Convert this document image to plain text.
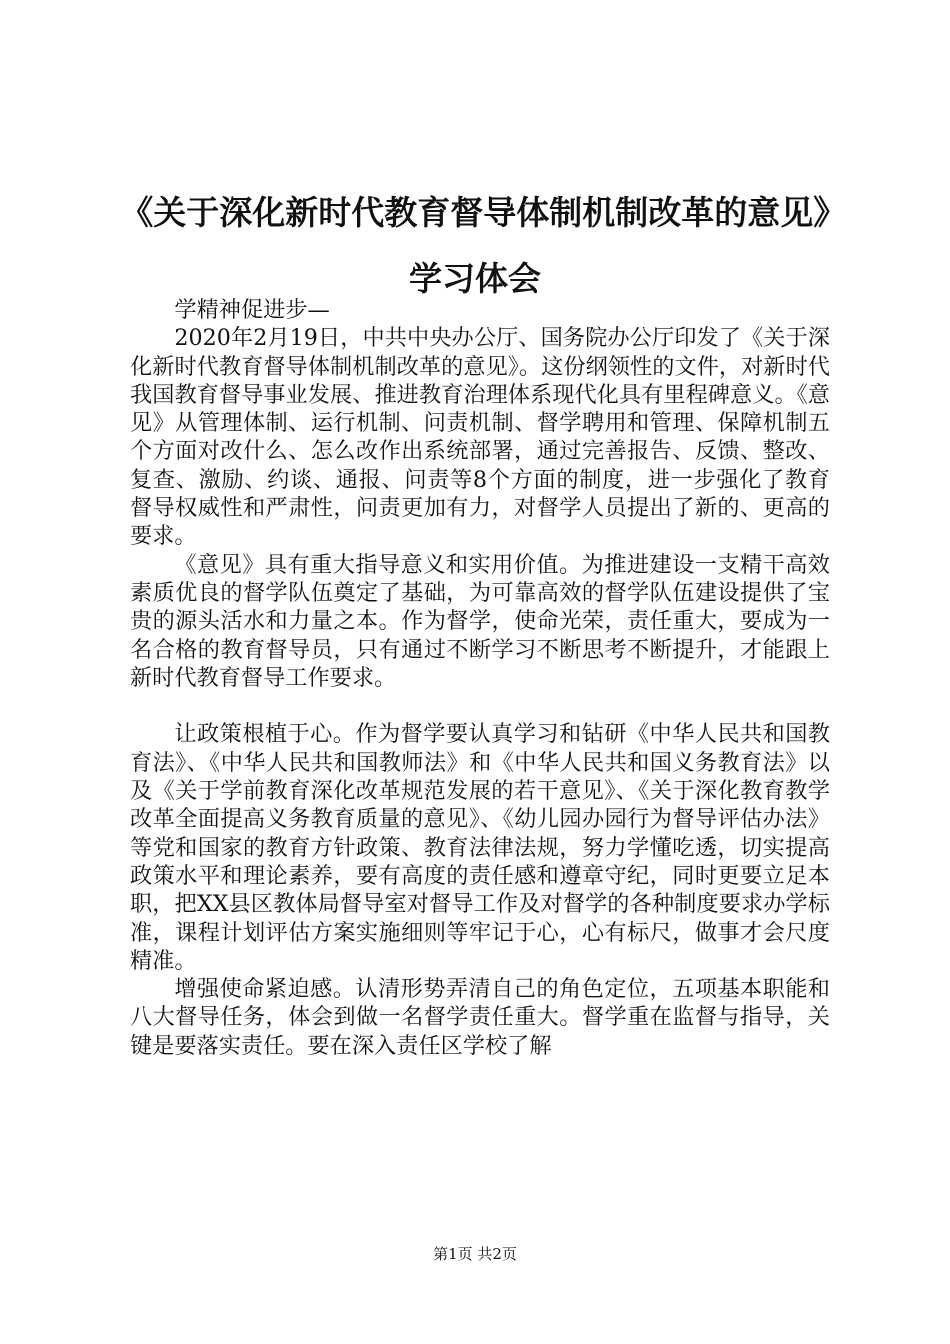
《关于深化新时代教育督导体制机制改革的意见》学习体会

学精神促进步—

2020年2月19日，中共中央办公厅、国务院办公厅印发了《关于深化新时代教育督导体制机制改革的意见》。这份纲领性的文件，对新时代我国教育督导事业发展、推进教育治理体系现代化具有里程碑意义。《意见》从管理体制、运行机制、问责机制、督学聘用和管理、保障机制五个方面对改什么、怎么改作出系统部署，通过完善报告、反馈、整改、复查、激励、约谈、通报、问责等8个方面的制度，进一步强化了教育督导权威性和严肃性，问责更加有力，对督学人员提出了新的、更高的要求。

《意见》具有重大指导意义和实用价值。为推进建设一支精干高效素质优良的督学队伍奠定了基础，为可靠高效的督学队伍建设提供了宝贵的源头活水和力量之本。作为督学，使命光荣，责任重大，要成为一名合格的教育督导员，只有通过不断学习不断思考不断提升，才能跟上新时代教育督导工作要求。

让政策根植于心。作为督学要认真学习和钻研《中华人民共和国教育法》、《中华人民共和国教师法》和《中华人民共和国义务教育法》以及《关于学前教育深化改革规范发展的若干意见》、《关于深化教育教学改革全面提高义务教育质量的意见》、《幼儿园办园行为督导评估办法》等党和国家的教育方针政策、教育法律法规，努力学懂吃透，切实提高政策水平和理论素养，要有高度的责任感和遵章守纪，同时更要立足本职，把XX县区教体局督导室对督导工作及对督学的各种制度要求办学标准，课程计划评估方案实施细则等牢记于心，心有标尺，做事才会尺度精准。

增强使命紧迫感。认清形势弄清自己的角色定位，五项基本职能和八大督导任务，体会到做一名督学责任重大。督学重在监督与指导，关键是要落实责任。要在深入责任区学校了解

第1页 共2页
